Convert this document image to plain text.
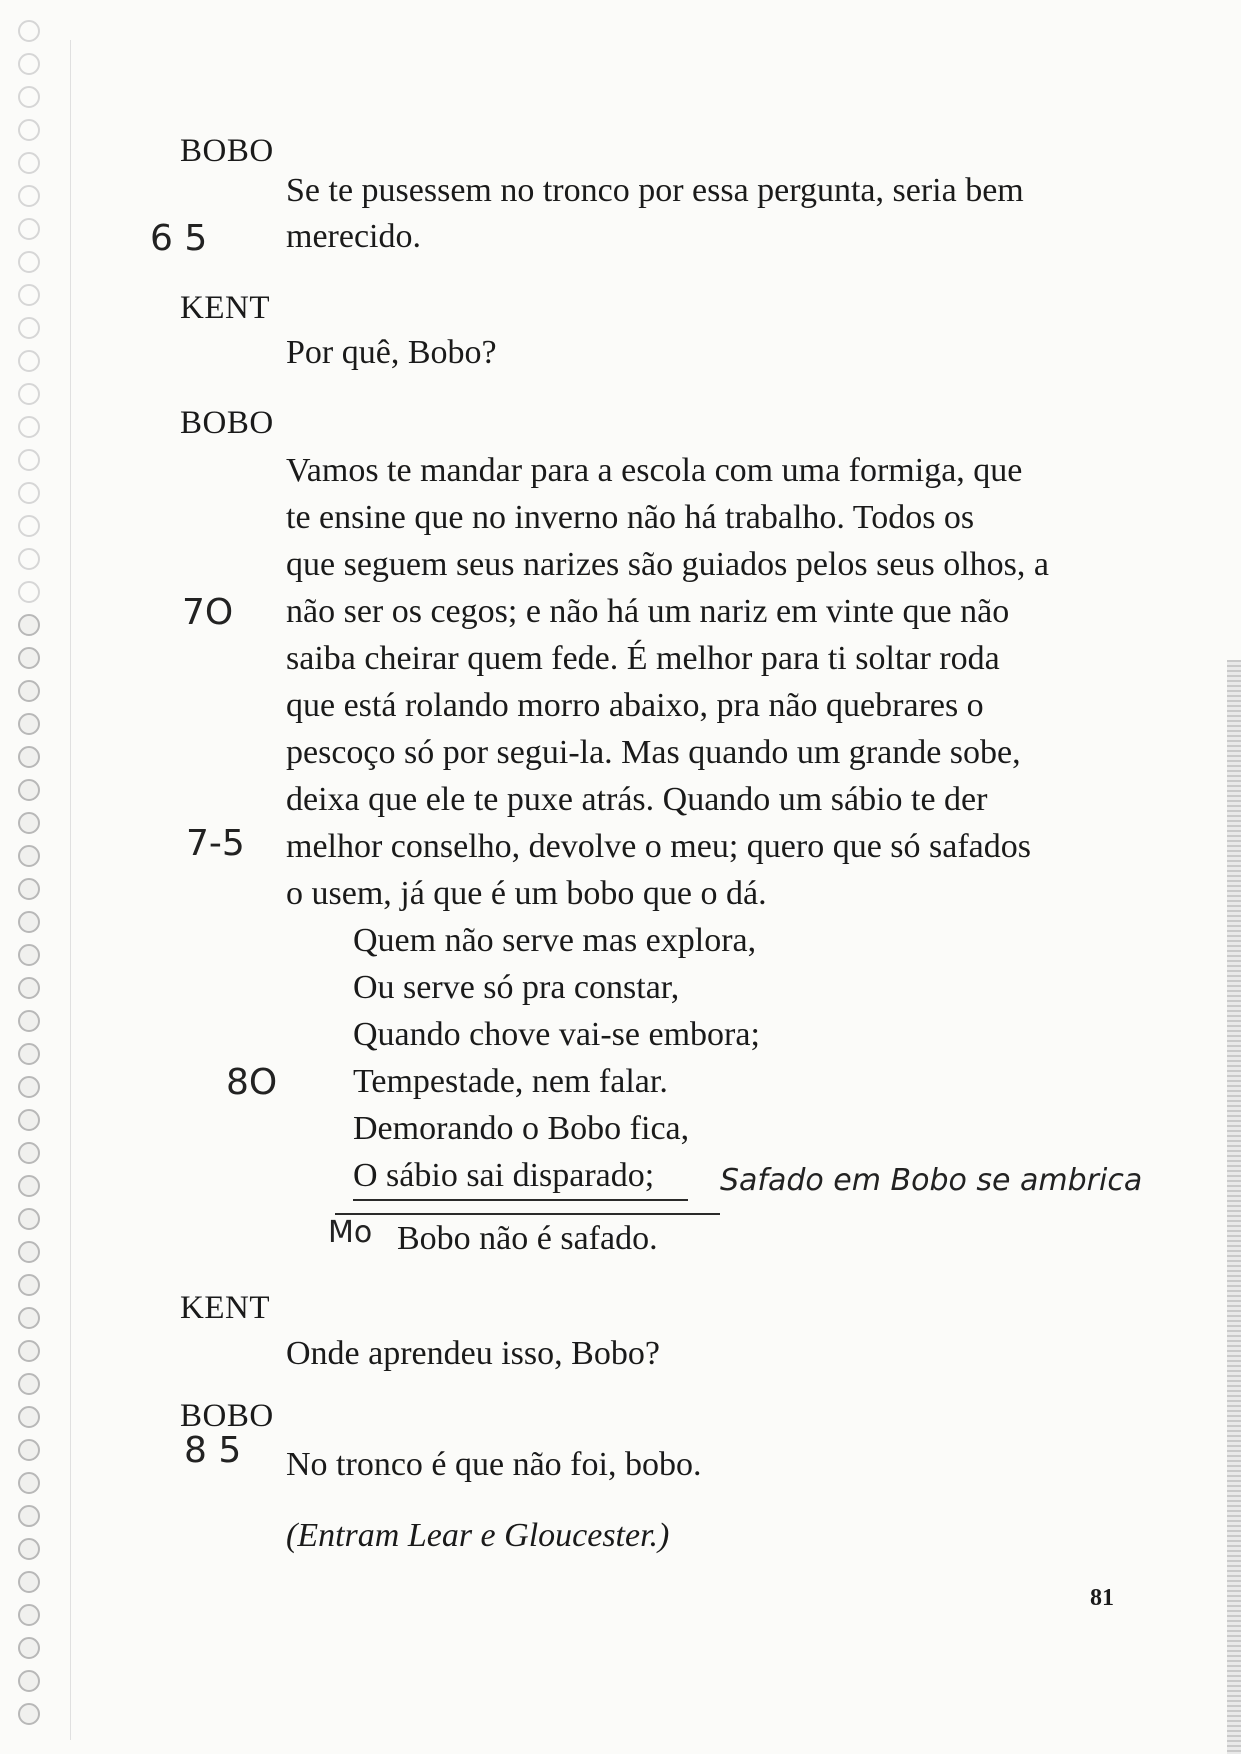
BOBO
Se te pusessem no tronco por essa pergunta, seria bem
6 5 merecido.
KENT
Por quê, Bobo?
BOBO
Vamos te mandar para a escola com uma formiga, que
te ensine que no inverno não há trabalho. Todos os
que seguem seus narizes são guiados pelos seus olhos, a
7O não ser os cegos; e não há um nariz em vinte que não
saiba cheirar quem fede. É melhor para ti soltar roda
que está rolando morro abaixo, pra não quebrares o
pescoço só por segui-la. Mas quando um grande sobe,
deixa que ele te puxe atrás. Quando um sábio te der
7-5 melhor conselho, devolve o meu; quero que só safados
o usem, já que é um bobo que o dá.
Quem não serve mas explora,
Ou serve só pra constar,
Quando chove vai-se embora;
8O Tempestade, nem falar.
Demorando o Bobo fica,
O sábio sai disparado; Safado em Bobo se ambrica
Mo Bobo não é safado.
KENT
Onde aprendeu isso, Bobo?
BOBO
8 5 No tronco é que não foi, bobo.
(Entram Lear e Gloucester.)
81
